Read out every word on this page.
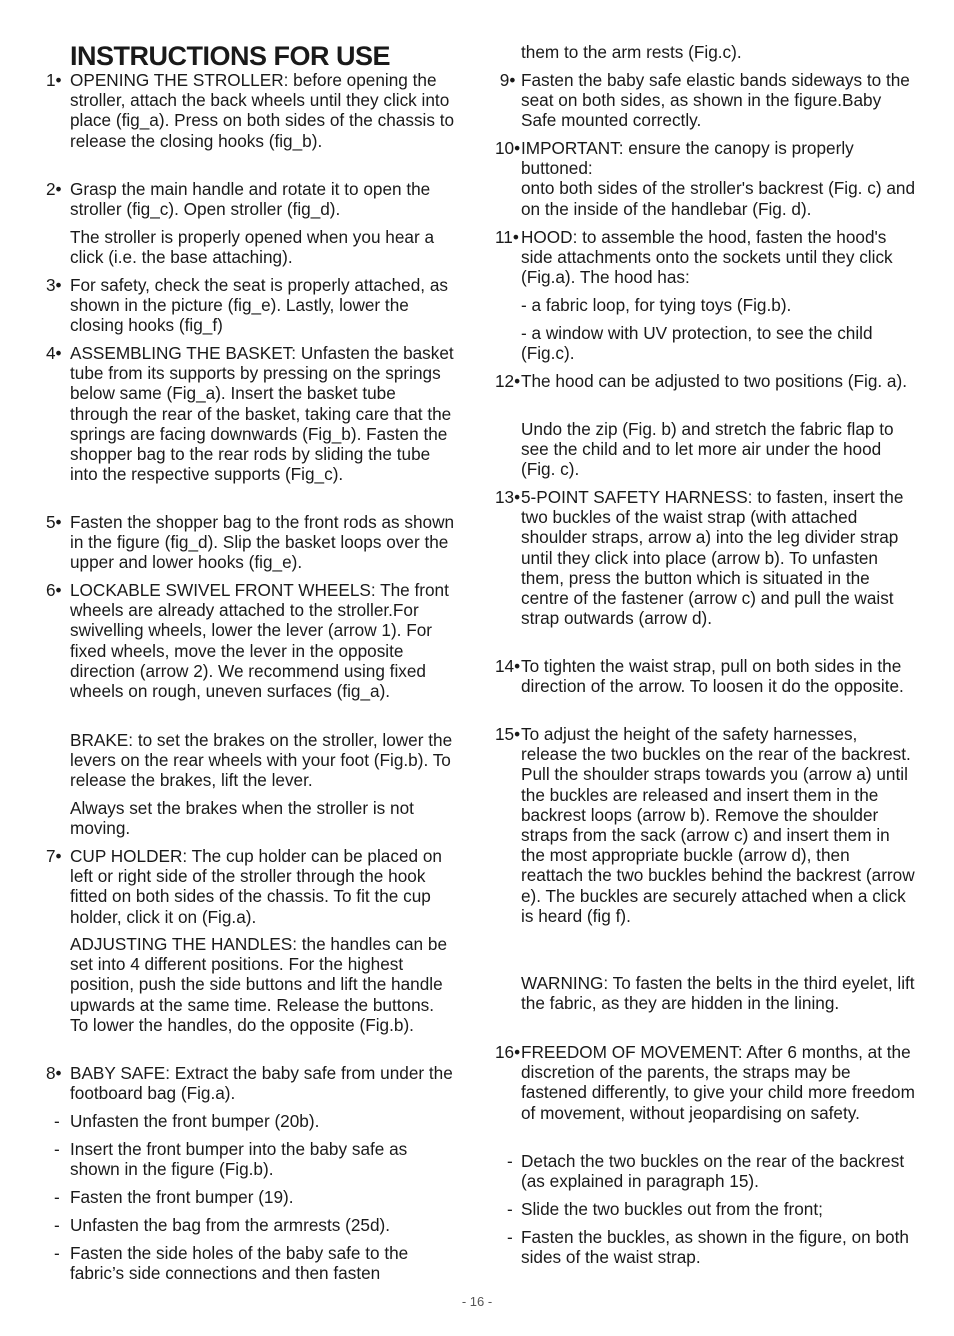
INSTRUCTIONS FOR USE
1• OPENING THE STROLLER: before opening the stroller, attach the back wheels until they click into place (fig_a). Press on both sides of the chassis to release the closing hooks (fig_b).
2• Grasp the main handle and rotate it to open the stroller (fig_c). Open stroller (fig_d).
The stroller is properly opened when you hear a click (i.e. the base attaching).
3• For safety, check the seat is properly attached, as shown in the picture (fig_e). Lastly, lower the closing hooks (fig_f)
4• ASSEMBLING THE BASKET: Unfasten the basket tube from its supports by pressing on the springs below same (Fig_a). Insert the basket tube through the rear of the basket, taking care that the springs are facing downwards (Fig_b). Fasten the shopper bag to the rear rods by sliding the tube into the respective supports (Fig_c).
5• Fasten the shopper bag to the front rods as shown in the figure (fig_d). Slip the basket loops over the upper and lower hooks (fig_e).
6• LOCKABLE SWIVEL FRONT WHEELS: The front wheels are already attached to the stroller.For swivelling wheels, lower the lever (arrow 1). For fixed wheels, move the lever in the opposite direction (arrow 2). We recommend using fixed wheels on rough, uneven surfaces (fig_a).
BRAKE: to set the brakes on the stroller, lower the levers on the rear wheels with your foot (Fig.b). To release the brakes, lift the lever.
Always set the brakes when the stroller is not moving.
7• CUP HOLDER: The cup holder can be placed on left or right side of the stroller through the hook fitted on both sides of the chassis. To fit the cup holder, click it on (Fig.a).
ADJUSTING THE HANDLES: the handles can be set into 4 different positions. For the highest position, push the side buttons and lift the handle upwards at the same time. Release the buttons. To lower the handles, do the opposite (Fig.b).
8• BABY SAFE: Extract the baby safe from under the footboard bag (Fig.a).
- Unfasten the front bumper (20b).
- Insert the front bumper into the baby safe as shown in the figure (Fig.b).
- Fasten the front bumper (19).
- Unfasten the bag from the armrests (25d).
- Fasten the side holes of the baby safe to the fabric’s side connections and then fasten
them to the arm rests (Fig.c).
9• Fasten the baby safe elastic bands sideways to the seat on both sides, as shown in the figure.Baby Safe mounted correctly.
10• IMPORTANT: ensure the canopy is properly buttoned:
onto both sides of the stroller's backrest (Fig. c) and on the inside of the handlebar (Fig. d).
11• HOOD: to assemble the hood, fasten the hood's side attachments onto the sockets until they click (Fig.a). The hood has:
- a fabric loop, for tying toys (Fig.b).
- a window with UV protection, to see the child (Fig.c).
12• The hood can be adjusted to two positions (Fig. a).
Undo the zip (Fig. b) and stretch the fabric flap to see the child and to let more air under the hood (Fig. c).
13• 5-POINT SAFETY HARNESS: to fasten, insert the two buckles of the waist strap (with attached shoulder straps, arrow a) into the leg divider strap until they click into place (arrow b). To unfasten them, press the button which is situated in the centre of the fastener (arrow c) and pull the waist strap outwards (arrow d).
14• To tighten the waist strap, pull on both sides in the direction of the arrow. To loosen it do the opposite.
15• To adjust the height of the safety harnesses, release the two buckles on the rear of the backrest.
Pull the shoulder straps towards you (arrow a) until the buckles are released and insert them in the backrest loops (arrow b). Remove the shoulder straps from the sack (arrow c) and insert them in the most appropriate buckle (arrow d), then reattach the two buckles behind the backrest (arrow e). The buckles are securely attached when a click is heard (fig f).
WARNING: To fasten the belts in the third eyelet, lift the fabric, as they are hidden in the lining.
16• FREEDOM OF MOVEMENT: After 6 months, at the discretion of the parents, the straps may be fastened differently, to give your child more freedom of movement, without jeopardising on safety.
- Detach the two buckles on the rear of the backrest (as explained in paragraph 15).
- Slide the two buckles out from the front;
- Fasten the buckles, as shown in the figure, on both sides of the waist strap.
- 16 -
